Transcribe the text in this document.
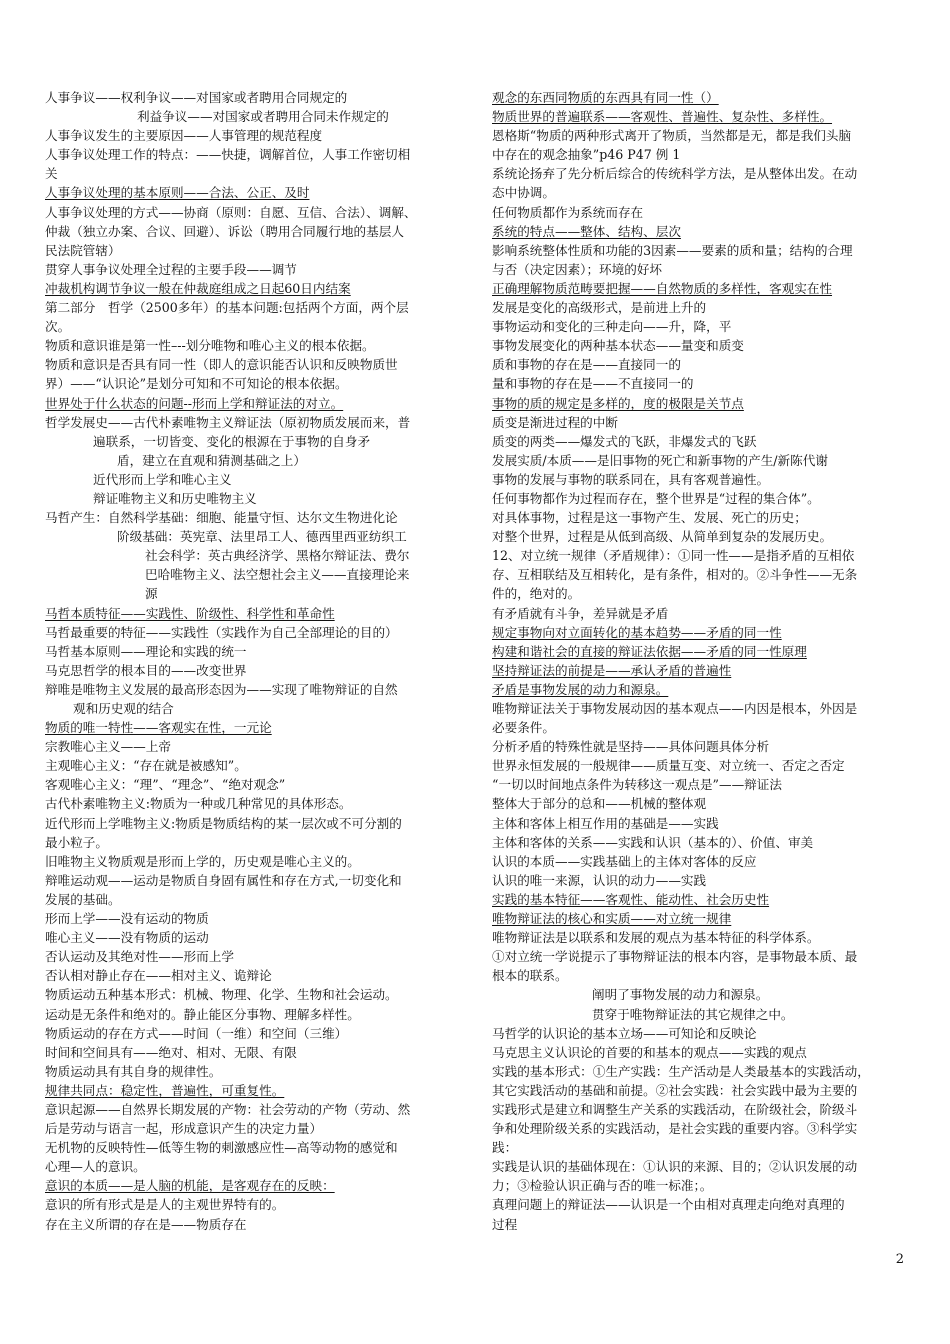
人事争议——权利争议——对国家或者聘用合同规定的
利益争议——对国家或者聘用合同未作规定的
人事争议发生的主要原因——人事管理的规范程度
人事争议处理工作的特点：——快捷，调解首位，人事工作密切相
关
人事争议处理的基本原则——合法、公正、及时
人事争议处理的方式——协商（原则：自愿、互信、合法）、调解、
仲裁（独立办案、合议、回避）、诉讼（聘用合同履行地的基层人
民法院管辖）
贯穿人事争议处理全过程的主要手段——调节
冲裁机构调节争议一般在仲裁庭组成之日起60日内结案
第二部分　哲学（2500多年）的基本问题:包括两个方面，两个层
次。
物质和意识谁是第一性–--划分唯物和唯心主义的根本依据。
物质和意识是否具有同一性（即人的意识能否认识和反映物质世
界）——“认识论”是划分可知和不可知论的根本依据。
世界处于什么状态的问题--形而上学和辩证法的对立。
哲学发展史——古代朴素唯物主义辩证法（原初物质发展而来，普
遍联系，一切皆变、变化的根源在于事物的自身矛
盾，建立在直观和猜测基础之上）
近代形而上学和唯心主义
辩证唯物主义和历史唯物主义
马哲产生：自然科学基础：细胞、能量守恒、达尔文生物进化论
阶级基础：英宪章、法里昂工人、德西里西亚纺织工
社会科学：英古典经济学、黑格尔辩证法、费尔
巴哈唯物主义、法空想社会主义——直接理论来
源
马哲本质特征——实践性、阶级性、科学性和革命性
马哲最重要的特征——实践性（实践作为自己全部理论的目的）
马哲基本原则——理论和实践的统一
马克思哲学的根本目的——改变世界
辩唯是唯物主义发展的最高形态因为——实现了唯物辩证的自然
观和历史观的结合
物质的唯一特性——客观实在性，一元论
宗教唯心主义——上帝
主观唯心主义：“存在就是被感知”。
客观唯心主义：“理”、“理念”、“绝对观念”
古代朴素唯物主义:物质为一种或几种常见的具体形态。
近代形而上学唯物主义:物质是物质结构的某一层次或不可分割的
最小粒子。
旧唯物主义物质观是形而上学的，历史观是唯心主义的。
辩唯运动观——运动是物质自身固有属性和存在方式,一切变化和
发展的基础。
形而上学——没有运动的物质
唯心主义——没有物质的运动
否认运动及其绝对性——形而上学
否认相对静止存在——相对主义、诡辩论
物质运动五种基本形式：机械、物理、化学、生物和社会运动。
运动是无条件和绝对的。静止能区分事物、理解多样性。
物质运动的存在方式——时间（一维）和空间（三维）
时间和空间具有——绝对、相对、无限、有限
物质运动具有其自身的规律性。
规律共同点：稳定性，普遍性，可重复性。
意识起源——自然界长期发展的产物：社会劳动的产物（劳动、然
后是劳动与语言一起，形成意识产生的决定力量）
无机物的反映特性—低等生物的刺激感应性—高等动物的感觉和
心理—人的意识。
意识的本质——是人脑的机能，是客观存在的反映：
意识的所有形式是是人的主观世界特有的。
存在主义所谓的存在是——物质存在
观念的东西同物质的东西具有同一性（）
物质世界的普遍联系——客观性、普遍性、复杂性、多样性。
恩格斯“物质的两种形式离开了物质，当然都是无，都是我们头脑
中存在的观念抽象”p46 P47 例 1
系统论扬弃了先分析后综合的传统科学方法，是从整体出发。在动
态中协调。
任何物质都作为系统而存在
系统的特点——整体、结构、层次
影响系统整体性质和功能的3因素——要素的质和量；结构的合理
与否（决定因素）；环境的好坏
正确理解物质范畴要把握——自然物质的多样性，客观实在性
发展是变化的高级形式，是前进上升的
事物运动和变化的三种走向——升，降，平
事物发展变化的两种基本状态——量变和质变
质和事物的存在是——直接同一的
量和事物的存在是——不直接同一的
事物的质的规定是多样的，度的极限是关节点
质变是渐进过程的中断
质变的两类——爆发式的飞跃，非爆发式的飞跃
发展实质/本质——是旧事物的死亡和新事物的产生/新陈代谢
事物的发展与事物的联系同在，具有客观普遍性。
任何事物都作为过程而存在，整个世界是“过程的集合体”。
对具体事物，过程是这一事物产生、发展、死亡的历史；
对整个世界，过程是从低到高级、从简单到复杂的发展历史。
12、对立统一规律（矛盾规律）：①同一性——是指矛盾的互相依
存、互相联结及互相转化，是有条件，相对的。②斗争性——无条
件的，绝对的。
有矛盾就有斗争，差异就是矛盾
规定事物向对立面转化的基本趋势——矛盾的同一性
构建和谐社会的直接的辩证法依据——矛盾的同一性原理
坚持辩证法的前提是——承认矛盾的普遍性
矛盾是事物发展的动力和源泉。
唯物辩证法关于事物发展动因的基本观点——内因是根本，外因是
必要条件。
分析矛盾的特殊性就是坚持——具体问题具体分析
世界永恒发展的一般规律——质量互变、对立统一、否定之否定
“一切以时间地点条件为转移这一观点是”——辩证法
整体大于部分的总和——机械的整体观
主体和客体上相互作用的基础是——实践
主体和客体的关系——实践和认识（基本的）、价值、审美
认识的本质——实践基础上的主体对客体的反应
认识的唯一来源，认识的动力——实践
实践的基本特征——客观性、能动性、社会历史性
唯物辩证法的核心和实质——对立统一规律
唯物辩证法是以联系和发展的观点为基本特征的科学体系。
①对立统一学说提示了事物辩证法的根本内容，是事物最本质、最
根本的联系。
阐明了事物发展的动力和源泉。
贯穿于唯物辩证法的其它规律之中。
马哲学的认识论的基本立场——可知论和反映论
马克思主义认识论的首要的和基本的观点——实践的观点
实践的基本形式：①生产实践：生产活动是人类最基本的实践活动，
其它实践活动的基础和前提。②社会实践：社会实践中最为主要的
实践形式是建立和调整生产关系的实践活动，在阶级社会，阶级斗
争和处理阶级关系的实践活动，是社会实践的重要内容。③科学实
践：
实践是认识的基础体现在：①认识的来源、目的；②认识发展的动
力；③检验认识正确与否的唯一标准；。
真理问题上的辩证法——认识是一个由相对真理走向绝对真理的
过程
2
